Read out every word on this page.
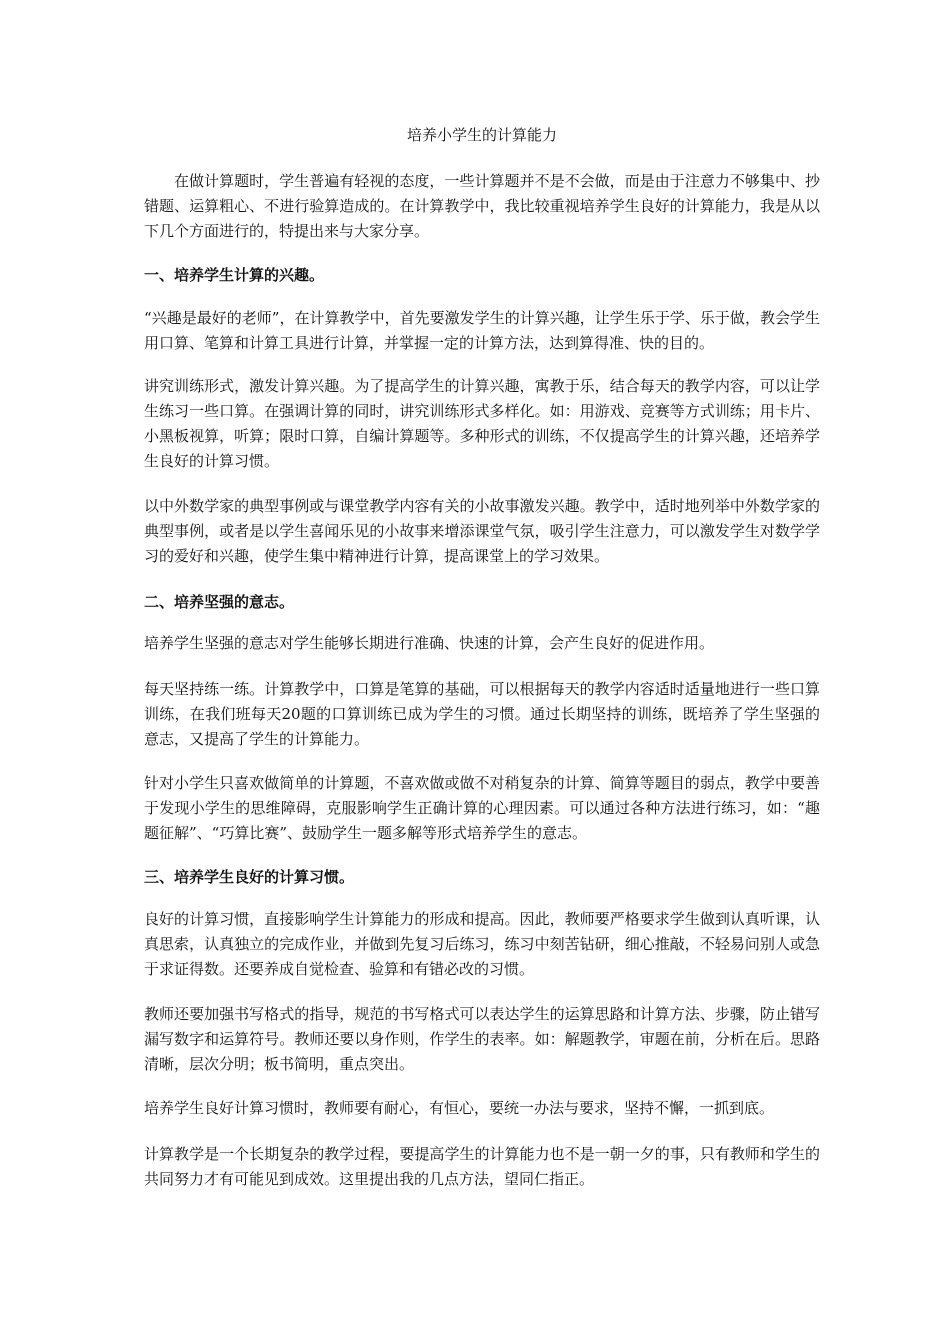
培养小学生的计算能力

在做计算题时，学生普遍有轻视的态度，一些计算题并不是不会做，而是由于注意力不够集中、抄错题、运算粗心、不进行验算造成的。在计算教学中，我比较重视培养学生良好的计算能力，我是从以下几个方面进行的，特提出来与大家分享。

一、培养学生计算的兴趣。

“兴趣是最好的老师”，在计算教学中，首先要激发学生的计算兴趣，让学生乐于学、乐于做，教会学生用口算、笔算和计算工具进行计算，并掌握一定的计算方法，达到算得准、快的目的。

讲究训练形式，激发计算兴趣。为了提高学生的计算兴趣，寓教于乐，结合每天的教学内容，可以让学生练习一些口算。在强调计算的同时，讲究训练形式多样化。如：用游戏、竞赛等方式训练；用卡片、小黑板视算，听算；限时口算，自编计算题等。多种形式的训练，不仅提高学生的计算兴趣，还培养学生良好的计算习惯。

以中外数学家的典型事例或与课堂教学内容有关的小故事激发兴趣。教学中，适时地列举中外数学家的典型事例，或者是以学生喜闻乐见的小故事来增添课堂气氛，吸引学生注意力，可以激发学生对数学学习的爱好和兴趣，使学生集中精神进行计算，提高课堂上的学习效果。

二、培养坚强的意志。

培养学生坚强的意志对学生能够长期进行准确、快速的计算，会产生良好的促进作用。

每天坚持练一练。计算教学中，口算是笔算的基础，可以根据每天的教学内容适时适量地进行一些口算训练，在我们班每天20题的口算训练已成为学生的习惯。通过长期坚持的训练，既培养了学生坚强的意志，又提高了学生的计算能力。

针对小学生只喜欢做简单的计算题，不喜欢做或做不对稍复杂的计算、简算等题目的弱点，教学中要善于发现小学生的思维障碍，克服影响学生正确计算的心理因素。可以通过各种方法进行练习，如：“趣题征解”、“巧算比赛”、鼓励学生一题多解等形式培养学生的意志。

三、培养学生良好的计算习惯。

良好的计算习惯，直接影响学生计算能力的形成和提高。因此，教师要严格要求学生做到认真听课，认真思索，认真独立的完成作业，并做到先复习后练习，练习中刻苦钻研，细心推敲，不轻易问别人或急于求证得数。还要养成自觉检查、验算和有错必改的习惯。

教师还要加强书写格式的指导，规范的书写格式可以表达学生的运算思路和计算方法、步骤，防止错写漏写数字和运算符号。教师还要以身作则，作学生的表率。如：解题教学，审题在前，分析在后。思路清晰，层次分明；板书简明，重点突出。

培养学生良好计算习惯时，教师要有耐心，有恒心，要统一办法与要求，坚持不懈，一抓到底。

计算教学是一个长期复杂的教学过程，要提高学生的计算能力也不是一朝一夕的事，只有教师和学生的共同努力才有可能见到成效。这里提出我的几点方法，望同仁指正。
